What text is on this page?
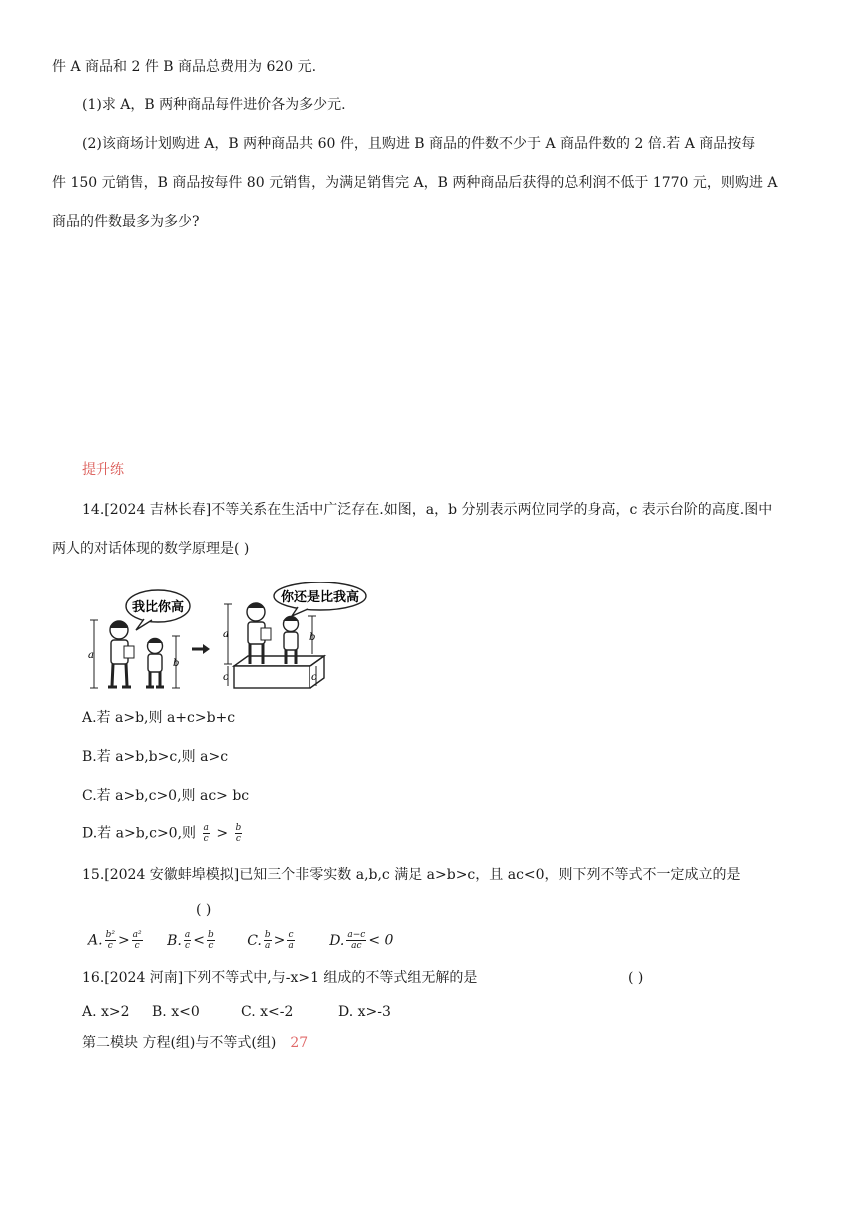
件 A 商品和 2 件 B 商品总费用为 620 元.
(1)求 A，B 两种商品每件进价各为多少元.
(2)该商场计划购进 A，B 两种商品共 60 件，且购进 B 商品的件数不少于 A 商品件数的 2 倍.若 A 商品按每
件 150 元销售，B 商品按每件 80 元销售，为满足销售完 A，B 两种商品后获得的总利润不低于 1770 元，则购进 A
商品的件数最多为多少?
提升练
14.[2024 吉林长春]不等关系在生活中广泛存在.如图，a，b 分别表示两位同学的身高，c 表示台阶的高度.图中
两人的对话体现的数学原理是( )
a
b
我比你高
a
c
b
c
你还是比我高
A.若 a>b,则 a+c>b+c
B.若 a>b,b>c,则 a>c
C.若 a>b,c>0,则 ac> bc
D.若 a>b,c>0,则 $\frac{a}{c} > \frac{b}{c}$
15.[2024 安徽蚌埠模拟]已知三个非零实数 a,b,c 满足 a>b>c，且 ac<0，则下列不等式不一定成立的是
( )
A. $\frac{\text{b²}}{c} > \frac{\text{a²}}{c} B$. $\frac{a}{c} < \frac{b}{c} C$. $\frac{b}{a} > \frac{c}{a} D$. $\frac{a-c}{ac} < 0$
16.[2024 河南]下列不等式中,与-x>1 组成的不等式组无解的是	( )
A. x>2 B. x<0	C. x<-2	D. x>-3
第二模块 方程(组)与不等式(组) 27
